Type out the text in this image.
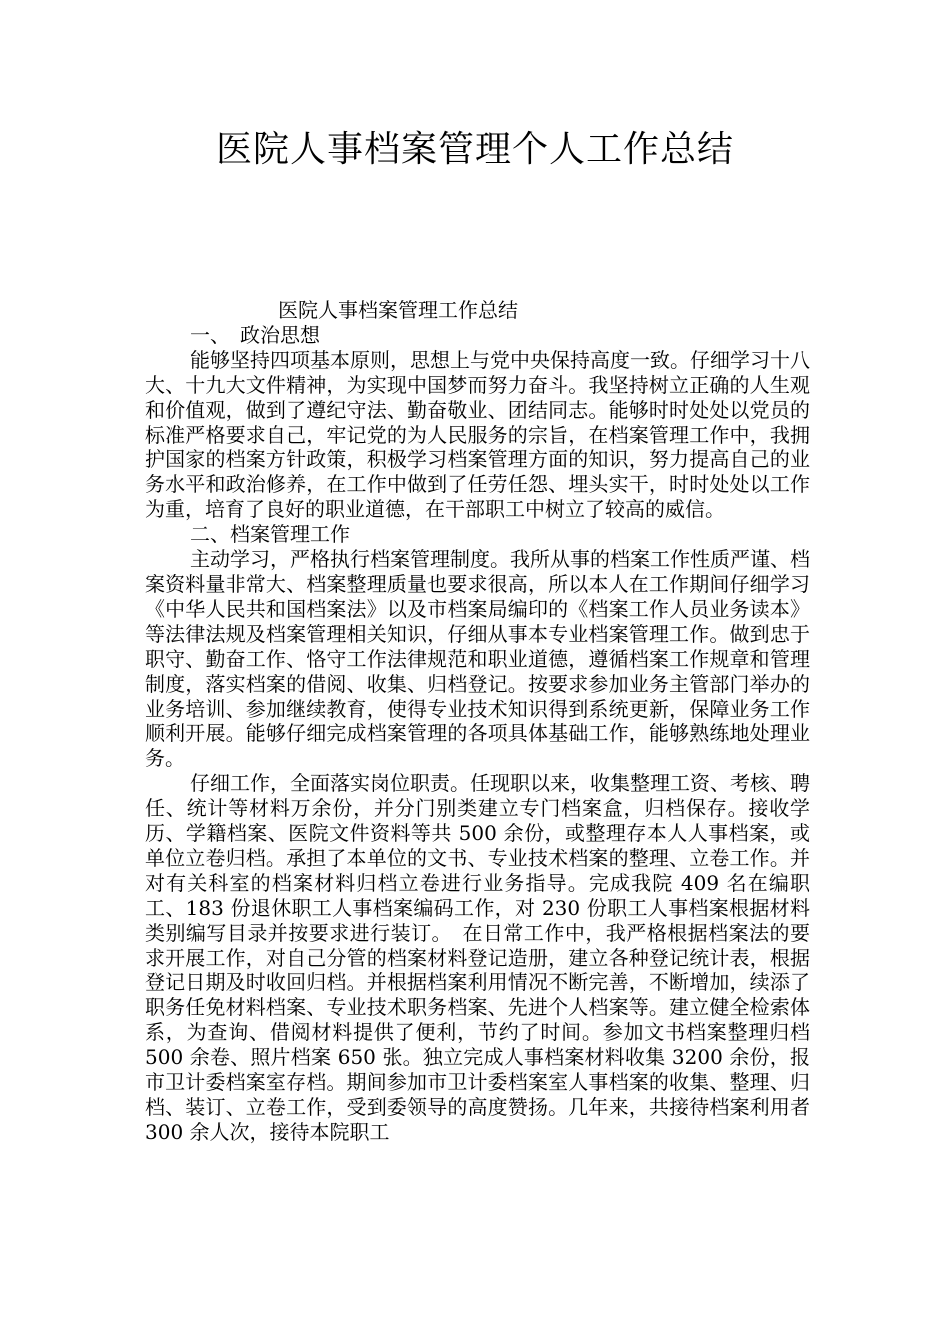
医院人事档案管理个人工作总结

医院人事档案管理工作总结

一、　政治思想

能够坚持四项基本原则，思想上与党中央保持高度一致。仔细学习十八大、十九大文件精神，为实现中国梦而努力奋斗。我坚持树立正确的人生观和价值观，做到了遵纪守法、勤奋敬业、团结同志。能够时时处处以党员的标准严格要求自己，牢记党的为人民服务的宗旨，在档案管理工作中，我拥护国家的档案方针政策，积极学习档案管理方面的知识，努力提高自己的业务水平和政治修养，在工作中做到了任劳任怨、埋头实干，时时处处以工作为重，培育了良好的职业道德，在干部职工中树立了较高的威信。

二、档案管理工作

主动学习，严格执行档案管理制度。我所从事的档案工作性质严谨、档案资料量非常大、档案整理质量也要求很高，所以本人在工作期间仔细学习《中华人民共和国档案法》以及市档案局编印的《档案工作人员业务读本》等法律法规及档案管理相关知识，仔细从事本专业档案管理工作。做到忠于职守、勤奋工作、恪守工作法律规范和职业道德，遵循档案工作规章和管理制度，落实档案的借阅、收集、归档登记。按要求参加业务主管部门举办的业务培训、参加继续教育，使得专业技术知识得到系统更新，保障业务工作顺利开展。能够仔细完成档案管理的各项具体基础工作，能够熟练地处理业务。

仔细工作，全面落实岗位职责。任现职以来，收集整理工资、考核、聘任、统计等材料万余份，并分门别类建立专门档案盒，归档保存。接收学历、学籍档案、医院文件资料等共 500 余份，或整理存本人人事档案，或单位立卷归档。承担了本单位的文书、专业技术档案的整理、立卷工作。并对有关科室的档案材料归档立卷进行业务指导。完成我院 409 名在编职工、183 份退休职工人事档案编码工作，对 230 份职工人事档案根据材料类别编写目录并按要求进行装订。　在日常工作中，我严格根据档案法的要求开展工作，对自己分管的档案材料登记造册，建立各种登记统计表，根据登记日期及时收回归档。并根据档案利用情况不断完善，不断增加，续添了职务任免材料档案、专业技术职务档案、先进个人档案等。建立健全检索体系，为查询、借阅材料提供了便利，节约了时间。参加文书档案整理归档 500 余卷、照片档案 650 张。独立完成人事档案材料收集 3200 余份，报市卫计委档案室存档。期间参加市卫计委档案室人事档案的收集、整理、归档、装订、立卷工作，受到委领导的高度赞扬。几年来，共接待档案利用者 300 余人次，接待本院职工
